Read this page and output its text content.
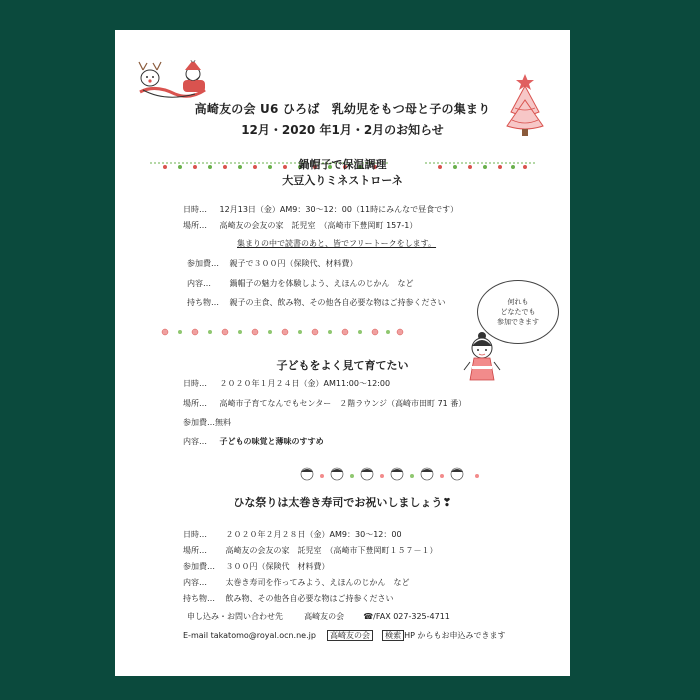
高崎友の会 U6 ひろば　乳幼児をもつ母と子の集まり
12月・2020 年1月・2月のお知らせ
鍋帽子で保温調理
大豆入りミネストローネ
日時… 12月13日（金）AM9：30～12：00（11時にみんなで昼食です）
場所… 高崎友の会友の家　託児室　（高崎市下豊岡町 157-1）
集まりの中で読書のあと、皆でフリートークをします。
参加費… 親子で３００円（保険代、材料費）
内容… 鍋帽子の魅力を体験しよう、えほんのじかん　など
持ち物… 親子の主食、飲み物、その他各自必要な物はご持参ください	何れも
どなたでも
参加できます
子どもをよく見て育てたい
日時… ２０２０年１月２４日（金）AM11:00～12:00
場所… 高崎市子育てなんでもセンター　２階ラウンジ（高崎市田町 71 番）
参加費…無料
内容… 子どもの味覚と薄味のすすめ
ひな祭りは太巻き寿司でお祝いしましょう❣
日時… ２０２０年２月２８日（金）AM9：30～12：00
場所… 高崎友の会友の家　託児室　（高崎市下豊岡町１５７－１）
参加費… ３００円（保険代　材料費）
内容… 太巻き寿司を作ってみよう、えほんのじかん　など
持ち物… 飲み物、その他各自必要な物はご持参ください
申し込み・お問い合わせ先	高崎友の会 ☎/FAX 027-325-4711
E-mail takatomo@royal.ocn.ne.jp 高崎友の会 検索 HP からもお申込みできます
